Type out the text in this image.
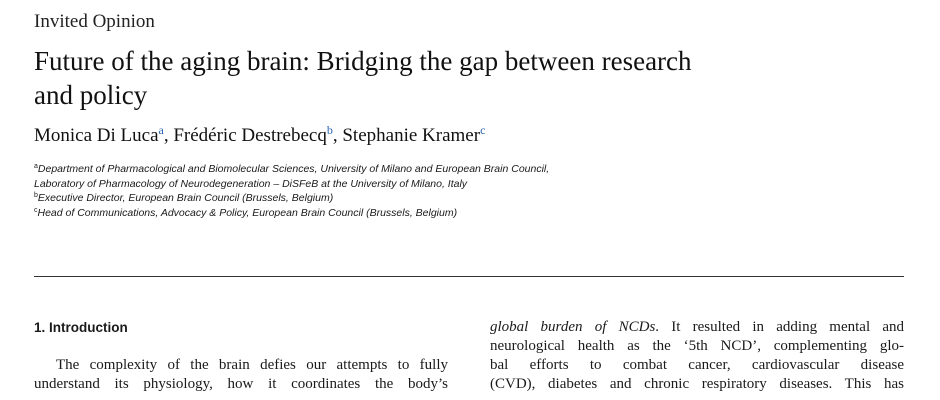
Invited Opinion
Future of the aging brain: Bridging the gap between research
and policy
Monica Di Luca$^a$, Frédéric Destrebecq$^b$, Stephanie Kramer$^c$
$^a$Department of Pharmacological and Biomolecular Sciences, University of Milano and European Brain Council,
Laboratory of Pharmacology of Neurodegeneration – DiSFeB at the University of Milano, Italy
$^b$Executive Director, European Brain Council (Brussels, Belgium)
$^c$Head of Communications, Advocacy & Policy, European Brain Council (Brussels, Belgium)
1. Introduction
The complexity of the brain defies our attempts to fully
understand its physiology, how it coordinates the body’s
global burden of NCDs. It resulted in adding mental and
neurological health as the ‘5th NCD’, complementing glo-
bal efforts to combat cancer, cardiovascular disease
(CVD), diabetes and chronic respiratory diseases. This has
